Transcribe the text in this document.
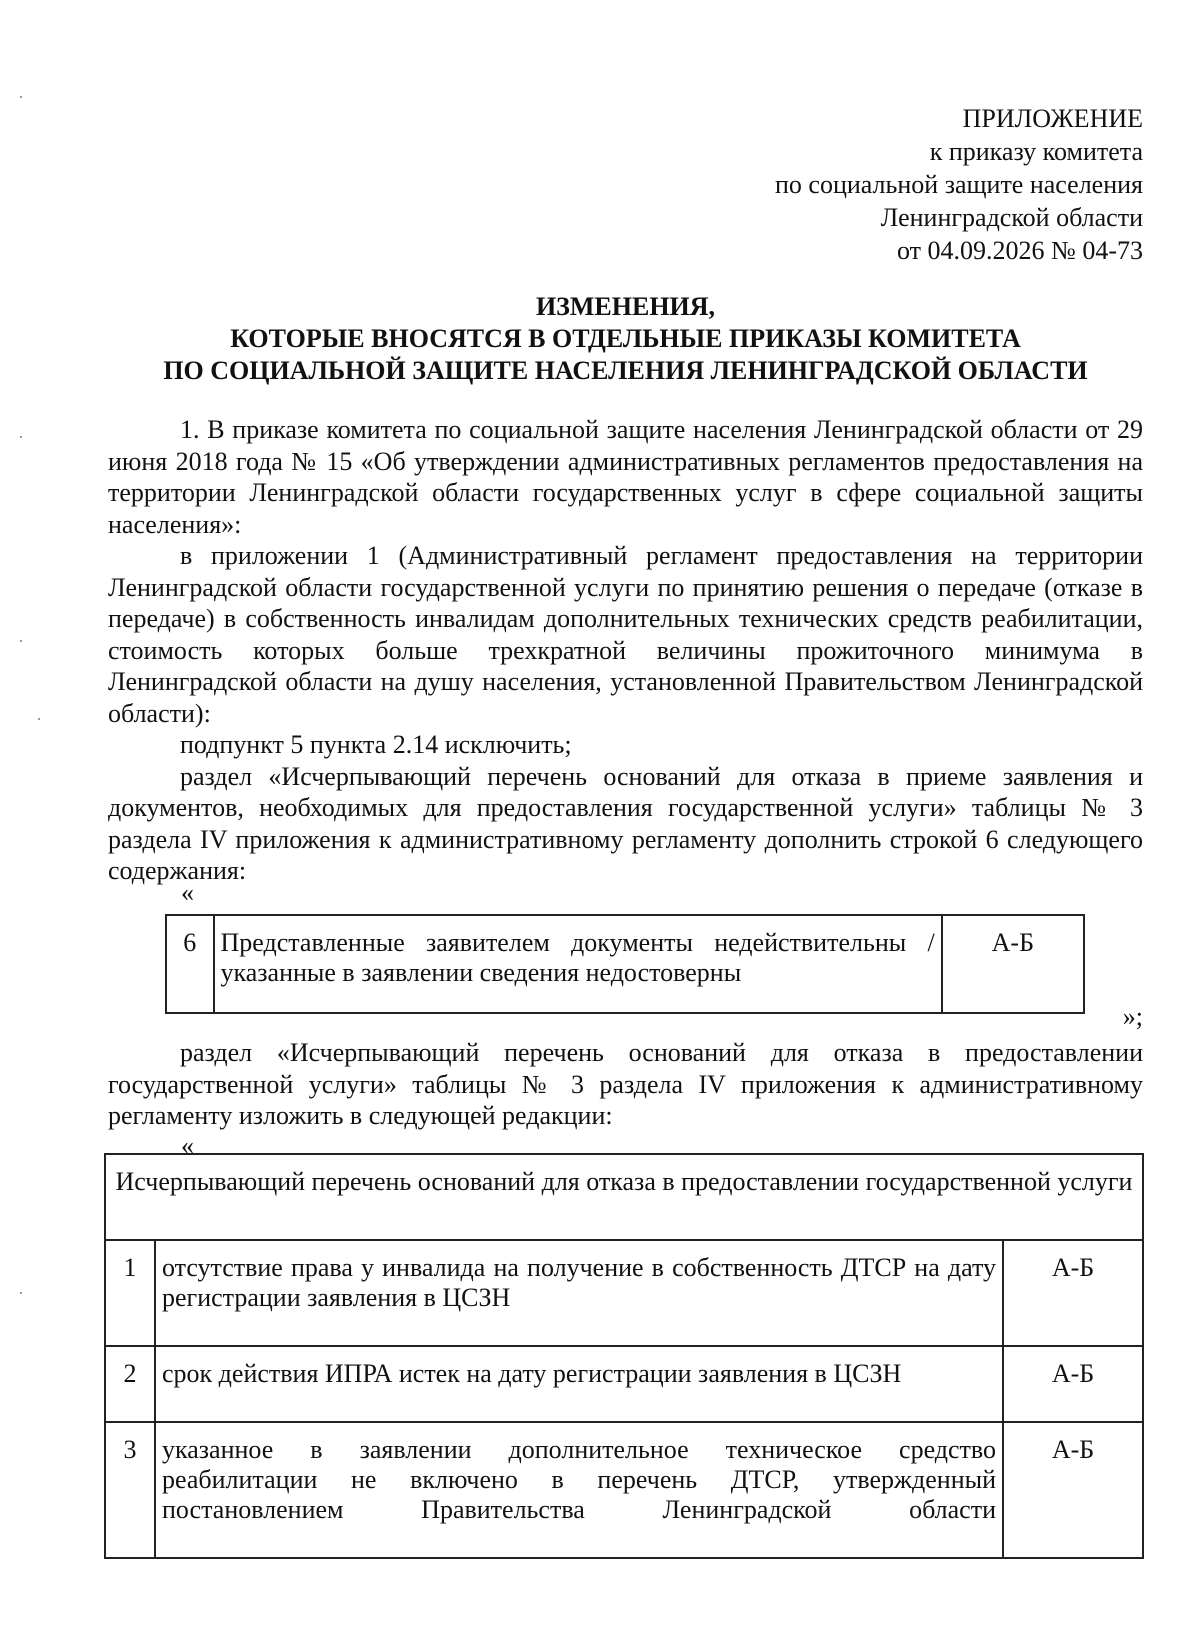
ПРИЛОЖЕНИЕ
к приказу комитета
по социальной защите населения
Ленинградской области
от 04.09.2026 № 04-73
ИЗМЕНЕНИЯ,
КОТОРЫЕ ВНОСЯТСЯ В ОТДЕЛЬНЫЕ ПРИКАЗЫ КОМИТЕТА
ПО СОЦИАЛЬНОЙ ЗАЩИТЕ НАСЕЛЕНИЯ ЛЕНИНГРАДСКОЙ ОБЛАСТИ

1. В приказе комитета по социальной защите населения Ленинградской области от 29 июня 2018 года № 15 «Об утверждении административных регламентов предоставления на территории Ленинградской области государственных услуг в сфере социальной защиты населения»:

в приложении 1 (Административный регламент предоставления на территории Ленинградской области государственной услуги по принятию решения о передаче (отказе в передаче) в собственность инвалидам дополнительных технических средств реабилитации, стоимость которых больше трехкратной величины прожиточного минимума в Ленинградской области на душу населения, установленной Правительством Ленинградской области):

подпункт 5 пункта 2.14 исключить;

раздел «Исчерпывающий перечень оснований для отказа в приеме заявления и документов, необходимых для предоставления государственной услуги» таблицы № 3 раздела IV приложения к административному регламенту дополнить строкой 6 следующего содержания:

«
6	Представленные заявителем документы недействительны / указанные в заявлении сведения недостоверны	А-Б
»;

раздел «Исчерпывающий перечень оснований для отказа в предоставлении государственной услуги» таблицы № 3 раздела IV приложения к административному регламенту изложить в следующей редакции:

«
Исчерпывающий перечень оснований для отказа в предоставлении государственной услуги		
1	отсутствие права у инвалида на получение в собственность ДТСР на дату регистрации заявления в ЦСЗН	А-Б
2	срок действия ИПРА истек на дату регистрации заявления в ЦСЗН	А-Б
3	указанное в заявлении дополнительное техническое средство реабилитации не включено в перечень ДТСР, утвержденный постановлением Правительства Ленинградской области	А-Б
